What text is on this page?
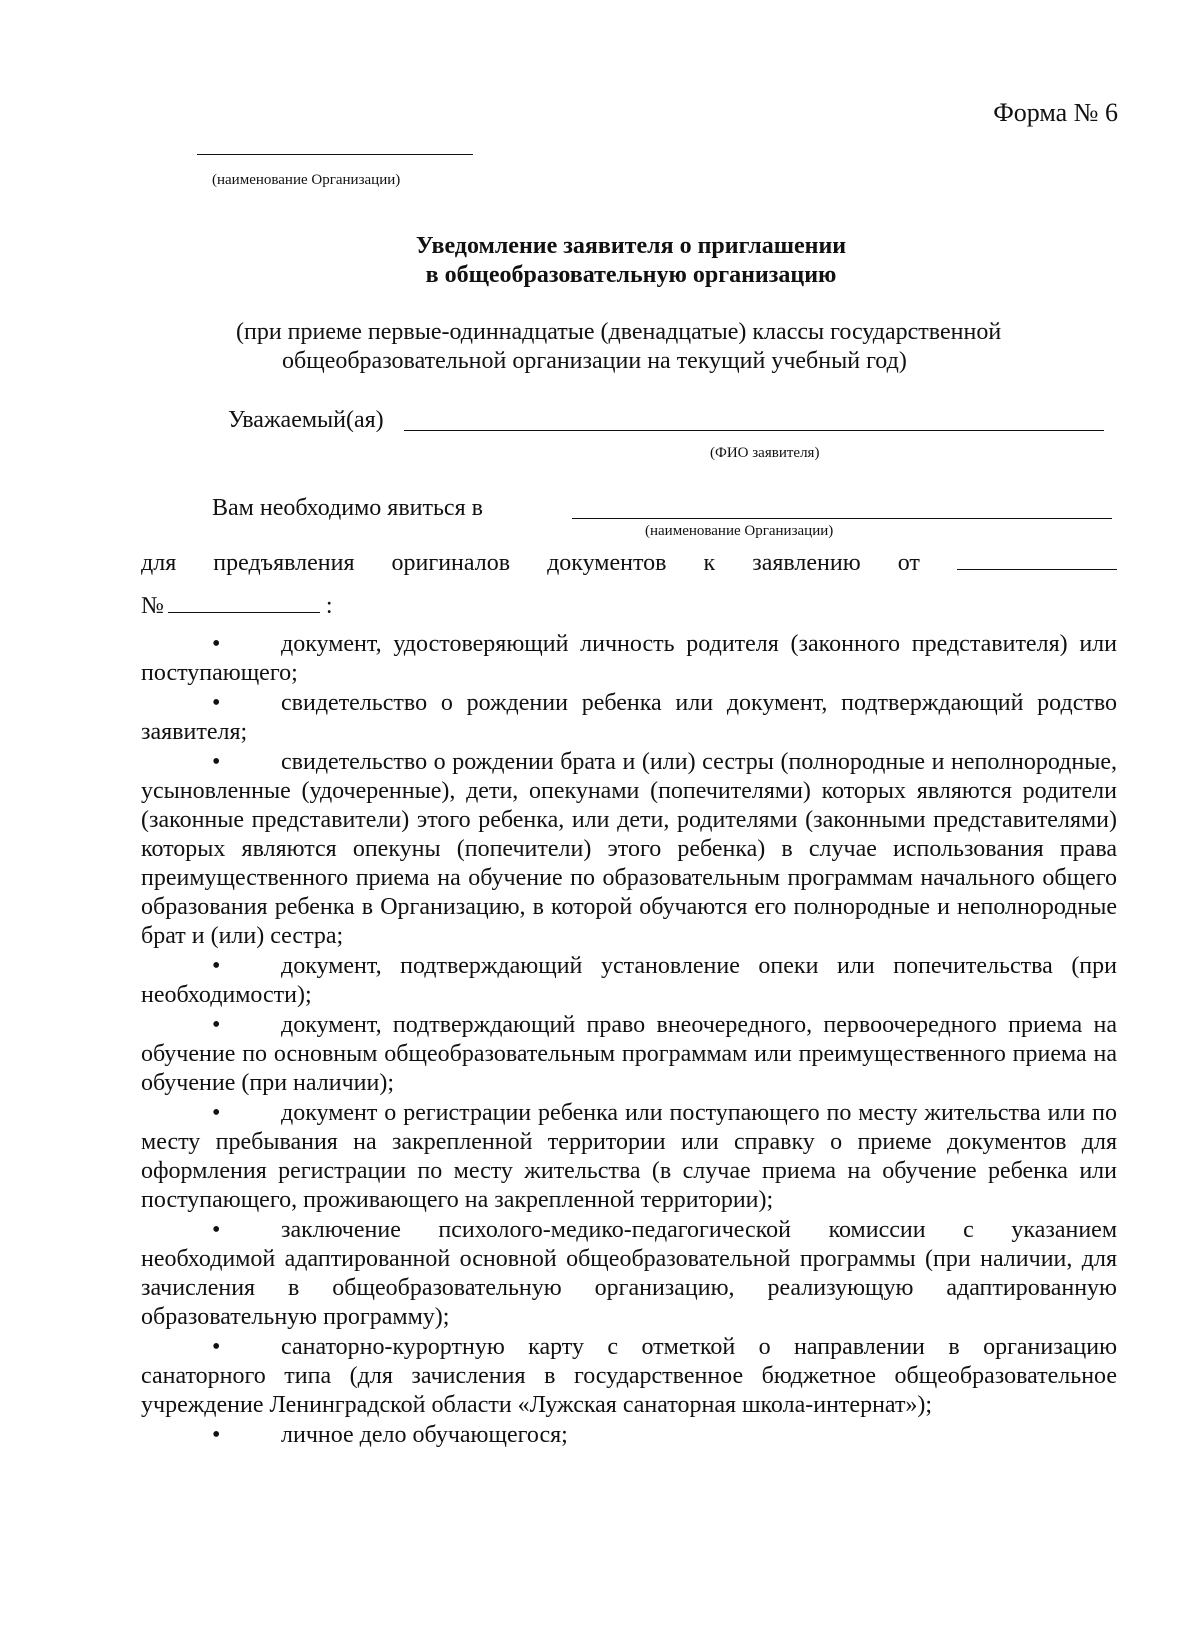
Форма № 6
(наименование Организации)
Уведомление заявителя о приглашении
в общеобразовательную организацию
(при приеме первые-одиннадцатые (двенадцатые) классы государственной
общеобразовательной организации на текущий учебный год)
Уважаемый(ая)
(ФИО заявителя)
Вам необходимо явиться в
(наименование Организации)
для предъявления оригиналов документов к заявлению от
№	:
•	документ, удостоверяющий личность родителя (законного представителя) или поступающего;
•	свидетельство о рождении ребенка или документ, подтверждающий родство заявителя;
•	свидетельство о рождении брата и (или) сестры (полнородные и неполнородные, усыновленные (удочеренные), дети, опекунами (попечителями) которых являются родители (законные представители) этого ребенка, или дети, родителями (законными представителями) которых являются опекуны (попечители) этого ребенка) в случае использования права преимущественного приема на обучение по образовательным программам начального общего образования ребенка в Организацию, в которой обучаются его полнородные и неполнородные брат и (или) сестра;
•	документ, подтверждающий установление опеки или попечительства (при необходимости);
•	документ, подтверждающий право внеочередного, первоочередного приема на обучение по основным общеобразовательным программам или преимущественного приема на обучение (при наличии);
•	документ о регистрации ребенка или поступающего по месту жительства или по месту пребывания на закрепленной территории или справку о приеме документов для оформления регистрации по месту жительства (в случае приема на обучение ребенка или поступающего, проживающего на закрепленной территории);
•	заключение психолого-медико-педагогической комиссии с указанием необходимой адаптированной основной общеобразовательной программы (при наличии, для зачисления в общеобразовательную организацию, реализующую адаптированную образовательную программу);
•	санаторно-курортную карту с отметкой о направлении в организацию санаторного типа (для зачисления в государственное бюджетное общеобразовательное учреждение Ленинградской области «Лужская санаторная школа-интернат»);
•	личное дело обучающегося;
